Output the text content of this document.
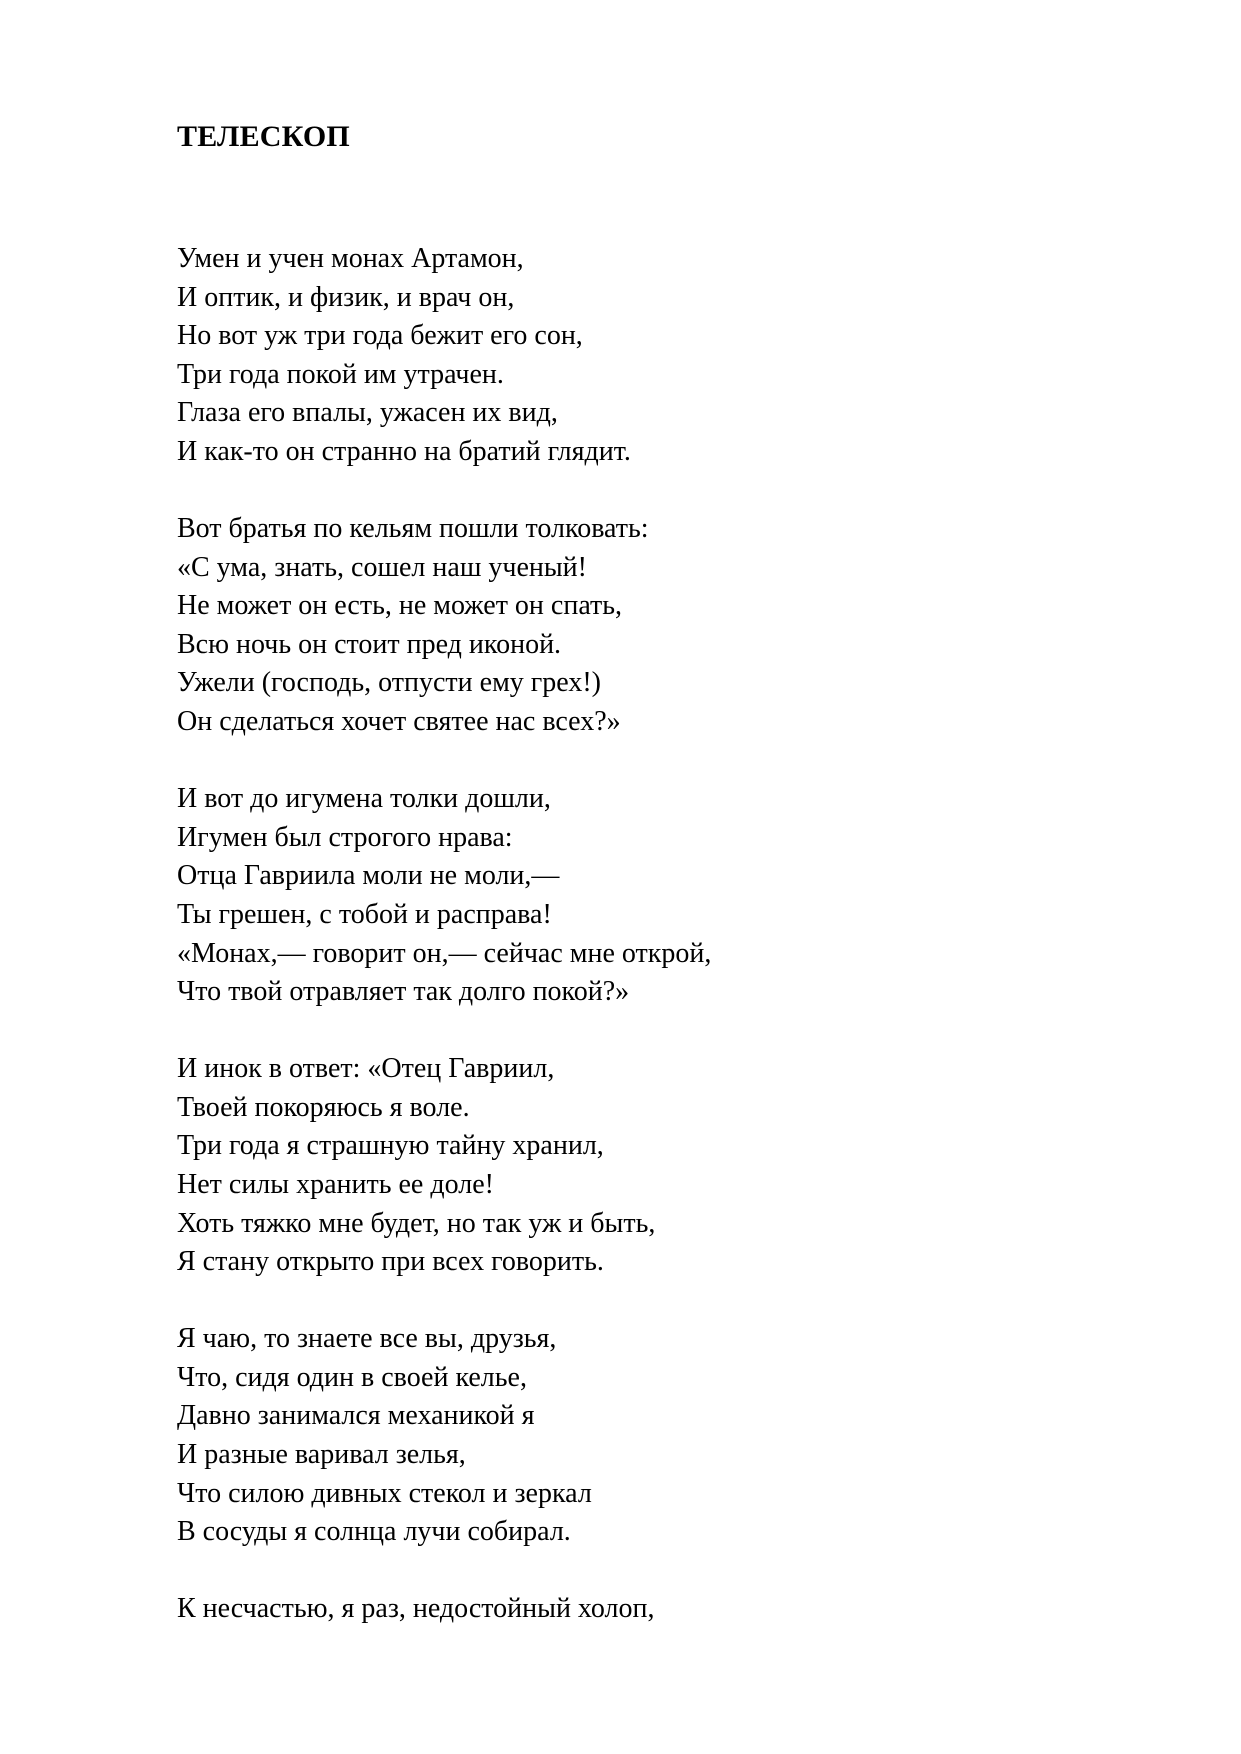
ТЕЛЕСКОП
Умен и учен монах Артамон,
И оптик, и физик, и врач он,
Но вот уж три года бежит его сон,
Три года покой им утрачен.
Глаза его впалы, ужасен их вид,
И как-то он странно на братий глядит.
Вот братья по кельям пошли толковать:
«С ума, знать, сошел наш ученый!
Не может он есть, не может он спать,
Всю ночь он стоит пред иконой.
Ужели (господь, отпусти ему грех!)
Он сделаться хочет святее нас всех?»
И вот до игумена толки дошли,
Игумен был строгого нрава:
Отца Гавриила моли не моли,—
Ты грешен, с тобой и расправа!
«Монах,— говорит он,— сейчас мне открой,
Что твой отравляет так долго покой?»
И инок в ответ: «Отец Гавриил,
Твоей покоряюсь я воле.
Три года я страшную тайну хранил,
Нет силы хранить ее доле!
Хоть тяжко мне будет, но так уж и быть,
Я стану открыто при всех говорить.
Я чаю, то знаете все вы, друзья,
Что, сидя один в своей келье,
Давно занимался механикой я
И разные варивал зелья,
Что силою дивных стекол и зеркал
В сосуды я солнца лучи собирал.
К несчастью, я раз, недостойный холоп,
